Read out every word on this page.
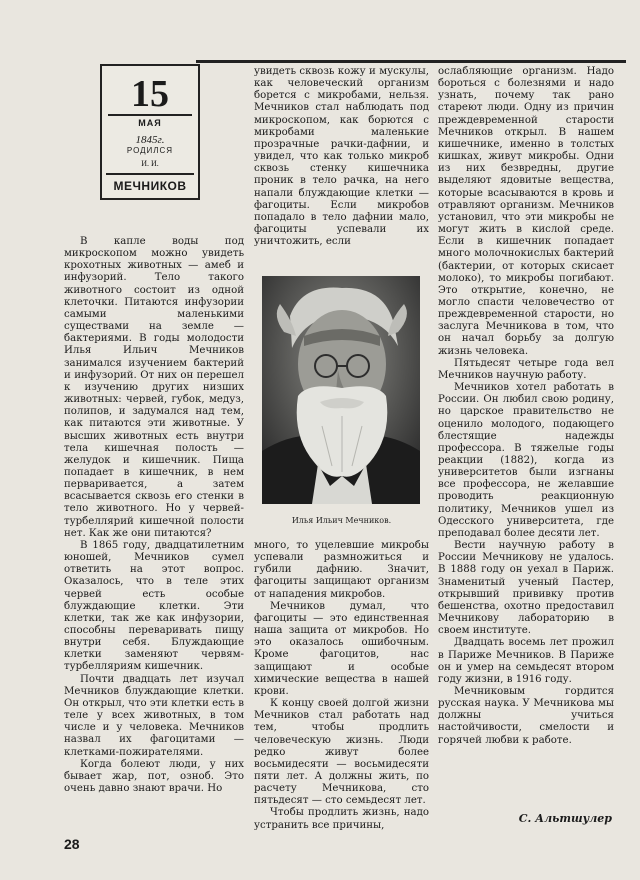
15
МАЯ
1845г.
РОДИЛСЯ
И. И.
МЕЧНИКОВ

В капле воды под микроскопом можно увидеть крохотных животных — амеб и инфузорий. Тело такого животного состоит из одной клеточки. Питаются инфузории самыми маленькими существами на земле — бактериями. В годы молодости Илья Ильич Мечников занимался изучением бактерий и инфузорий. От них он перешел к изучению других низших животных: червей, губок, медуз, полипов, и задумался над тем, как питаются эти животные. У высших животных есть внутри тела кишечная полость — желудок и кишечник. Пища попадает в кишечник, в нем перваривается, а затем всасывается сквозь его стенки в тело животного. Но у червей-турбеллярий кишечной полости нет. Как же они питаются?

В 1865 году, двадцатилетним юношей, Мечников сумел ответить на этот вопрос. Оказалось, что в теле этих червей есть особые блуждающие клетки. Эти клетки, так же как инфузории, способны переваривать пищу внутри себя. Блуждающие клетки заменяют червям-турбелляриям кишечник.

Почти двадцать лет изучал Мечников блуждающие клетки. Он открыл, что эти клетки есть в теле у всех животных, в том числе и у человека. Мечников назвал их фагоцитами — клетками-пожирателями.

Когда болеют люди, у них бывает жар, пот, озноб. Это очень давно знают врачи. Но

увидеть сквозь кожу и мускулы, как человеческий организм борется с микробами, нельзя. Мечников стал наблюдать под микроскопом, как борются с микробами маленькие прозрачные рачки-дафнии, и увидел, что как только микроб сквозь стенку кишечника проник в тело рачка, на него напали блуждающие клетки — фагоциты. Если микробов попадало в тело дафнии мало, фагоциты успевали их уничтожить, если

Илья Ильич Мечников.

много, то уцелевшие микробы успевали размножиться и губили дафнию. Значит, фагоциты защищают организм от нападения микробов.

Мечников думал, что фагоциты — это единственная наша защита от микробов. Но это оказалось ошибочным. Кроме фагоцитов, нас защищают и особые химические вещества в нашей крови.

К концу своей долгой жизни Мечников стал работать над тем, чтобы продлить человеческую жизнь. Люди редко живут более восьмидесяти — восьмидесяти пяти лет. А должны жить, по расчету Мечникова, сто пятьдесят — сто семьдесят лет.

Чтобы продлить жизнь, надо устранить все причины,

ослабляющие организм. Надо бороться с болезнями и надо узнать, почему так рано стареют люди. Одну из причин преждевременной старости Мечников открыл. В нашем кишечнике, именно в толстых кишках, живут микробы. Одни из них безвредны, другие выделяют ядовитые вещества, которые всасываются в кровь и отравляют организм. Мечников установил, что эти микробы не могут жить в кислой среде. Если в кишечник попадает много молочнокислых бактерий (бактерии, от которых скисает молоко), то микробы погибают. Это открытие, конечно, не могло спасти человечество от преждевременной старости, но заслуга Мечникова в том, что он начал борьбу за долгую жизнь человека.

Пятьдесят четыре года вел Мечников научную работу.

Мечников хотел работать в России. Он любил свою родину, но царское правительство не оценило молодого, подающего блестящие надежды профессора. В тяжелые годы реакции (1882), когда из университетов были изгнаны все профессора, не желавшие проводить реакционную политику, Мечников ушел из Одесского университета, где преподавал более десяти лет.

Вести научную работу в России Мечникову не удалось. В 1888 году он уехал в Париж. Знаменитый ученый Пастер, открывший прививку против бешенства, охотно предоставил Мечникову лабораторию в своем институте.

Двадцать восемь лет прожил в Париже Мечников. В Париже он и умер на семьдесят втором году жизни, в 1916 году.

Мечниковым гордится русская наука. У Мечникова мы должны учиться настойчивости, смелости и горячей любви к работе.

С. Альтшулер
28
